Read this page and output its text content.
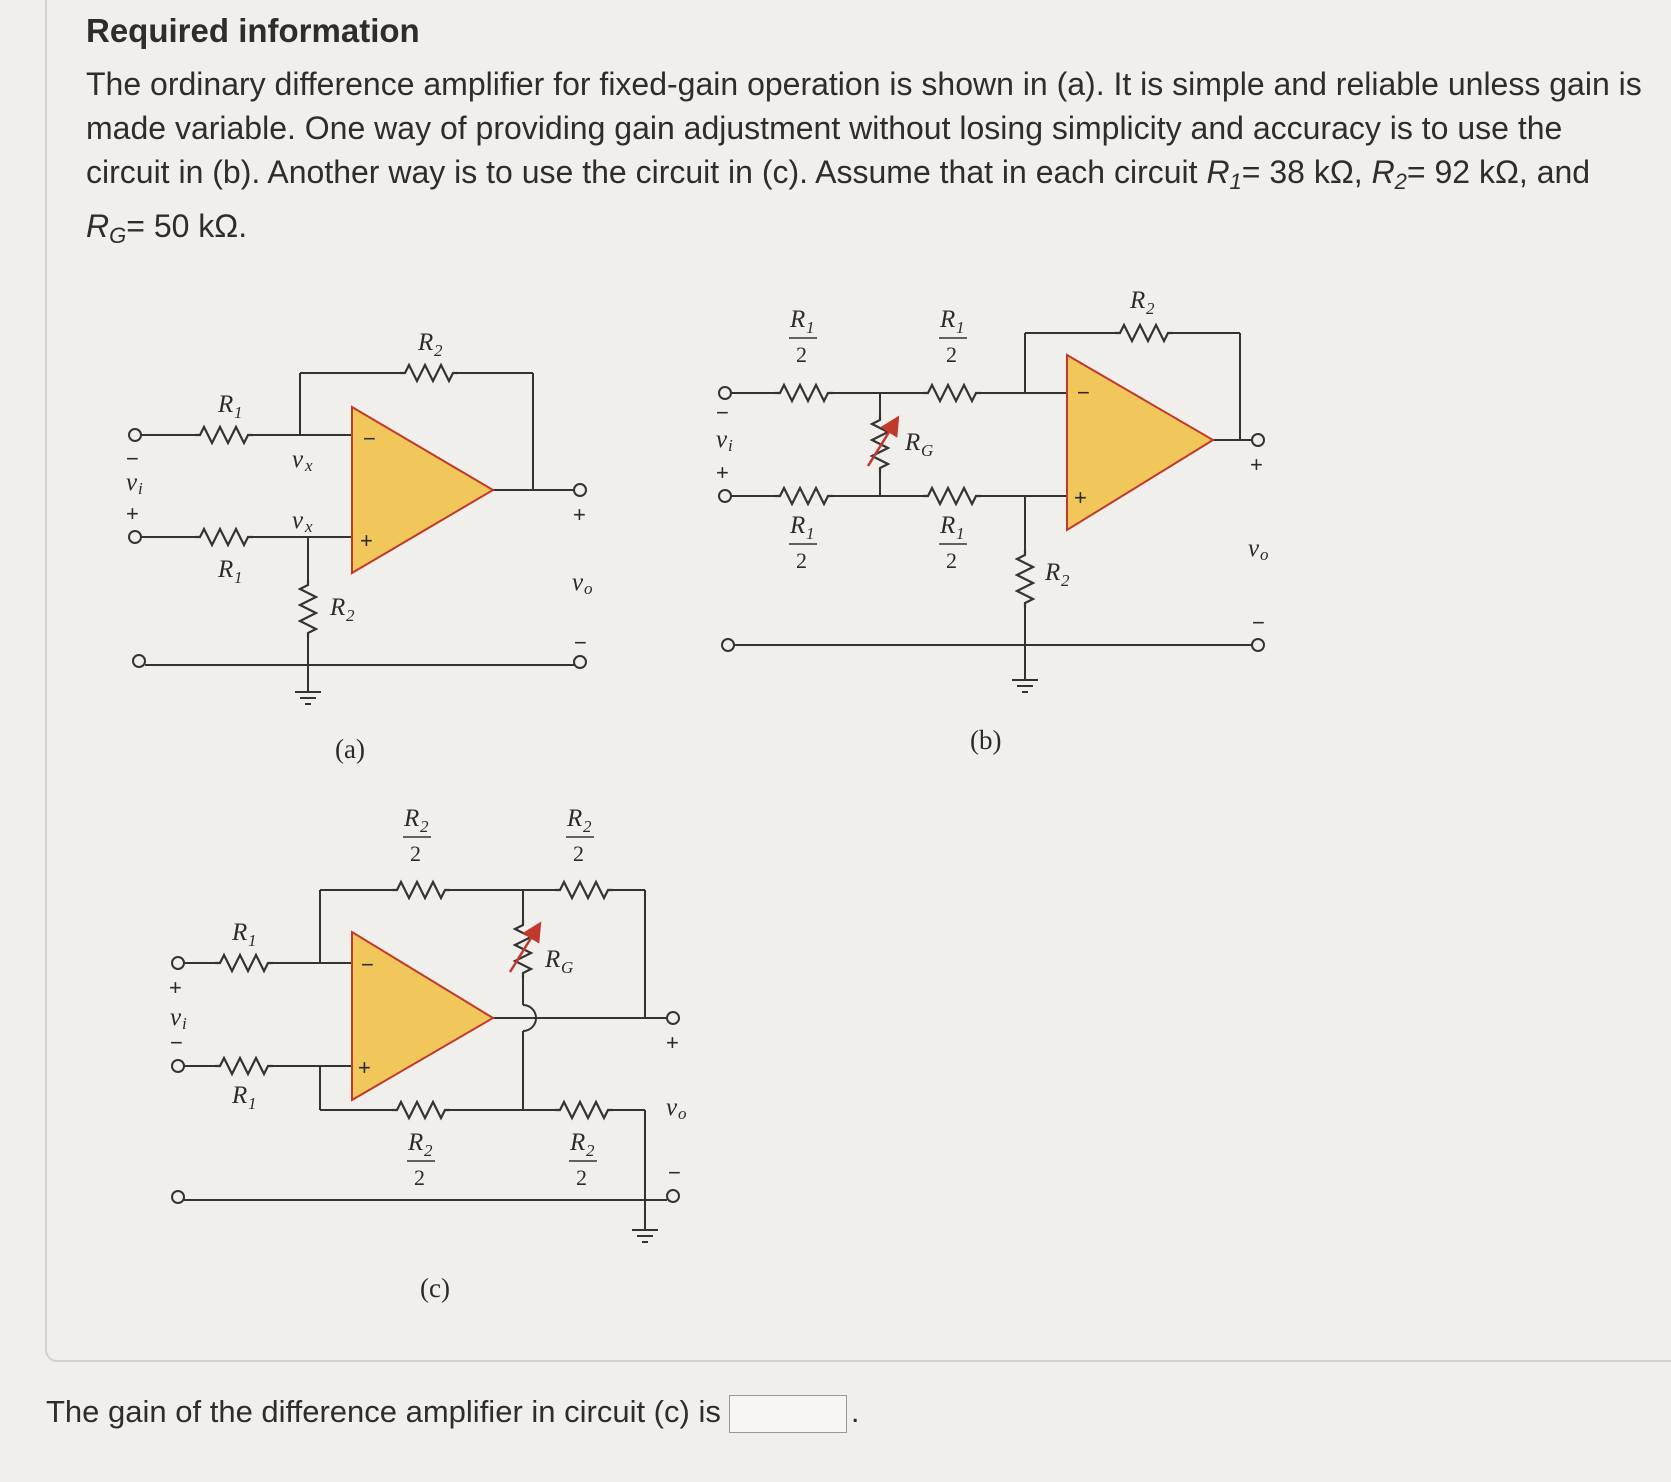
Required information

The ordinary difference amplifier for fixed-gain operation is shown in (a). It is simple and reliable unless gain is made variable. One way of providing gain adjustment without losing simplicity and accuracy is to use the circuit in (b). Another way is to use the circuit in (c). Assume that in each circuit $R_1= 38$ kΩ, $R_2= 92$ kΩ, and $R_G= 50$ kΩ.

−
+
R 1
R 1
R 2
R 2
v x
v x
−
v i
+	+
v o
−
(a)
−
+
R 1
2
R 1
2
R 1
2
R 1
2
R G
R 2
R 2
−
v i
+	+
v o
−
(b)
−
+
R 1
R 1
R 2
2
R 2
2
R 2
2
R 2
2
R G
+
v i
−	+
v o
−
(c)

The gain of the difference amplifier in circuit (c) is	.
